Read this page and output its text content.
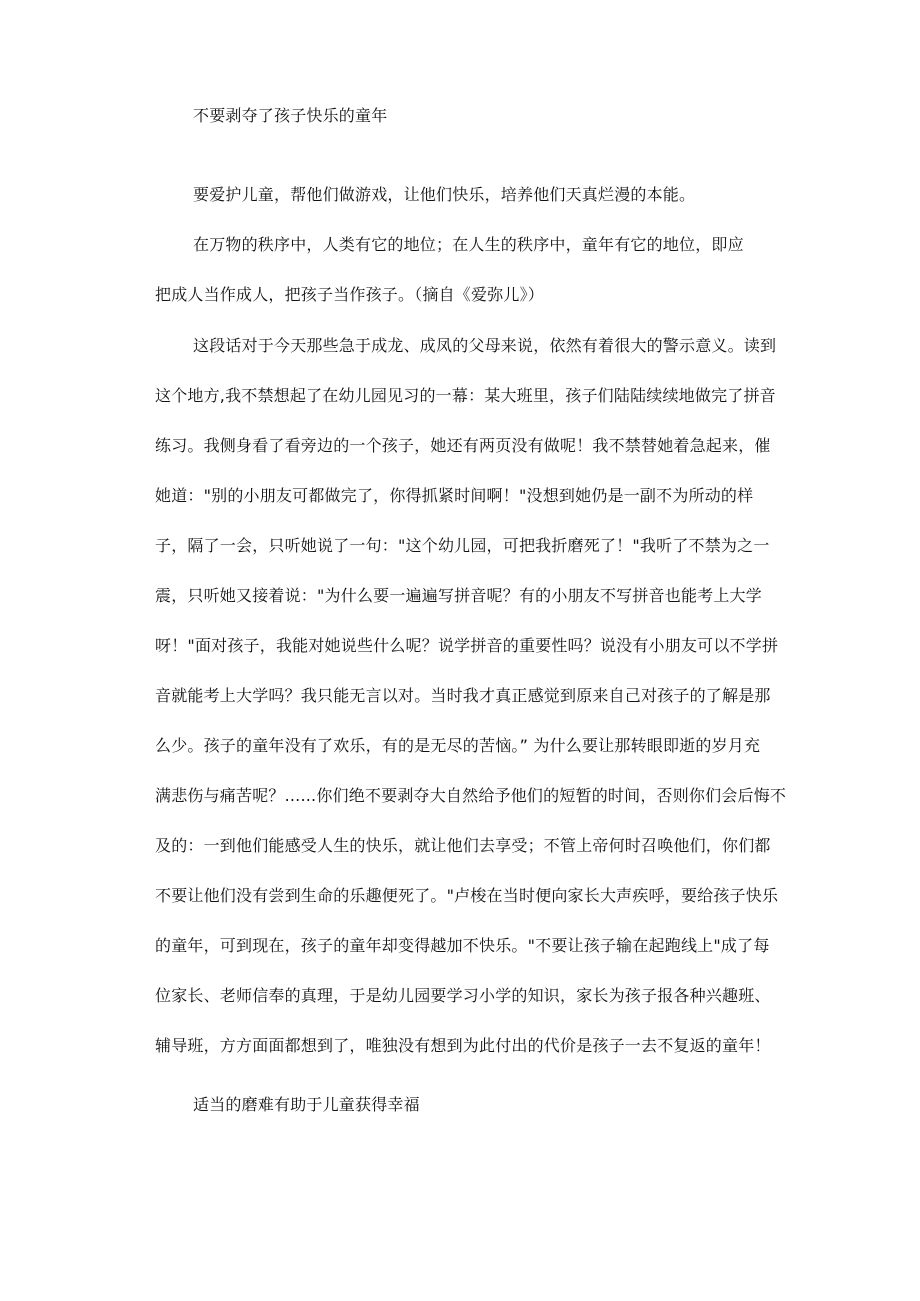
不要剥夺了孩子快乐的童年
要爱护儿童，帮他们做游戏，让他们快乐，培养他们天真烂漫的本能。
在万物的秩序中，人类有它的地位；在人生的秩序中，童年有它的地位，即应
把成人当作成人，把孩子当作孩子。（摘自《爱弥儿》）
这段话对于今天那些急于成龙、成凤的父母来说，依然有着很大的警示意义。读到
这个地方,我不禁想起了在幼儿园见习的一幕：某大班里，孩子们陆陆续续地做完了拼音
练习。我侧身看了看旁边的一个孩子，她还有两页没有做呢！我不禁替她着急起来，催
她道："别的小朋友可都做完了，你得抓紧时间啊！"没想到她仍是一副不为所动的样
子，隔了一会，只听她说了一句："这个幼儿园，可把我折磨死了！"我听了不禁为之一
震，只听她又接着说："为什么要一遍遍写拼音呢？有的小朋友不写拼音也能考上大学
呀！"面对孩子，我能对她说些什么呢？说学拼音的重要性吗？说没有小朋友可以不学拼
音就能考上大学吗？我只能无言以对。当时我才真正感觉到原来自己对孩子的了解是那
么少。孩子的童年没有了欢乐，有的是无尽的苦恼。” 为什么要让那转眼即逝的岁月充
满悲伤与痛苦呢？......你们绝不要剥夺大自然给予他们的短暂的时间，否则你们会后悔不
及的：一到他们能感受人生的快乐，就让他们去享受；不管上帝何时召唤他们，你们都
不要让他们没有尝到生命的乐趣便死了。"卢梭在当时便向家长大声疾呼，要给孩子快乐
的童年，可到现在，孩子的童年却变得越加不快乐。"不要让孩子输在起跑线上"成了每
位家长、老师信奉的真理，于是幼儿园要学习小学的知识，家长为孩子报各种兴趣班、
辅导班，方方面面都想到了，唯独没有想到为此付出的代价是孩子一去不复返的童年！
适当的磨难有助于儿童获得幸福
